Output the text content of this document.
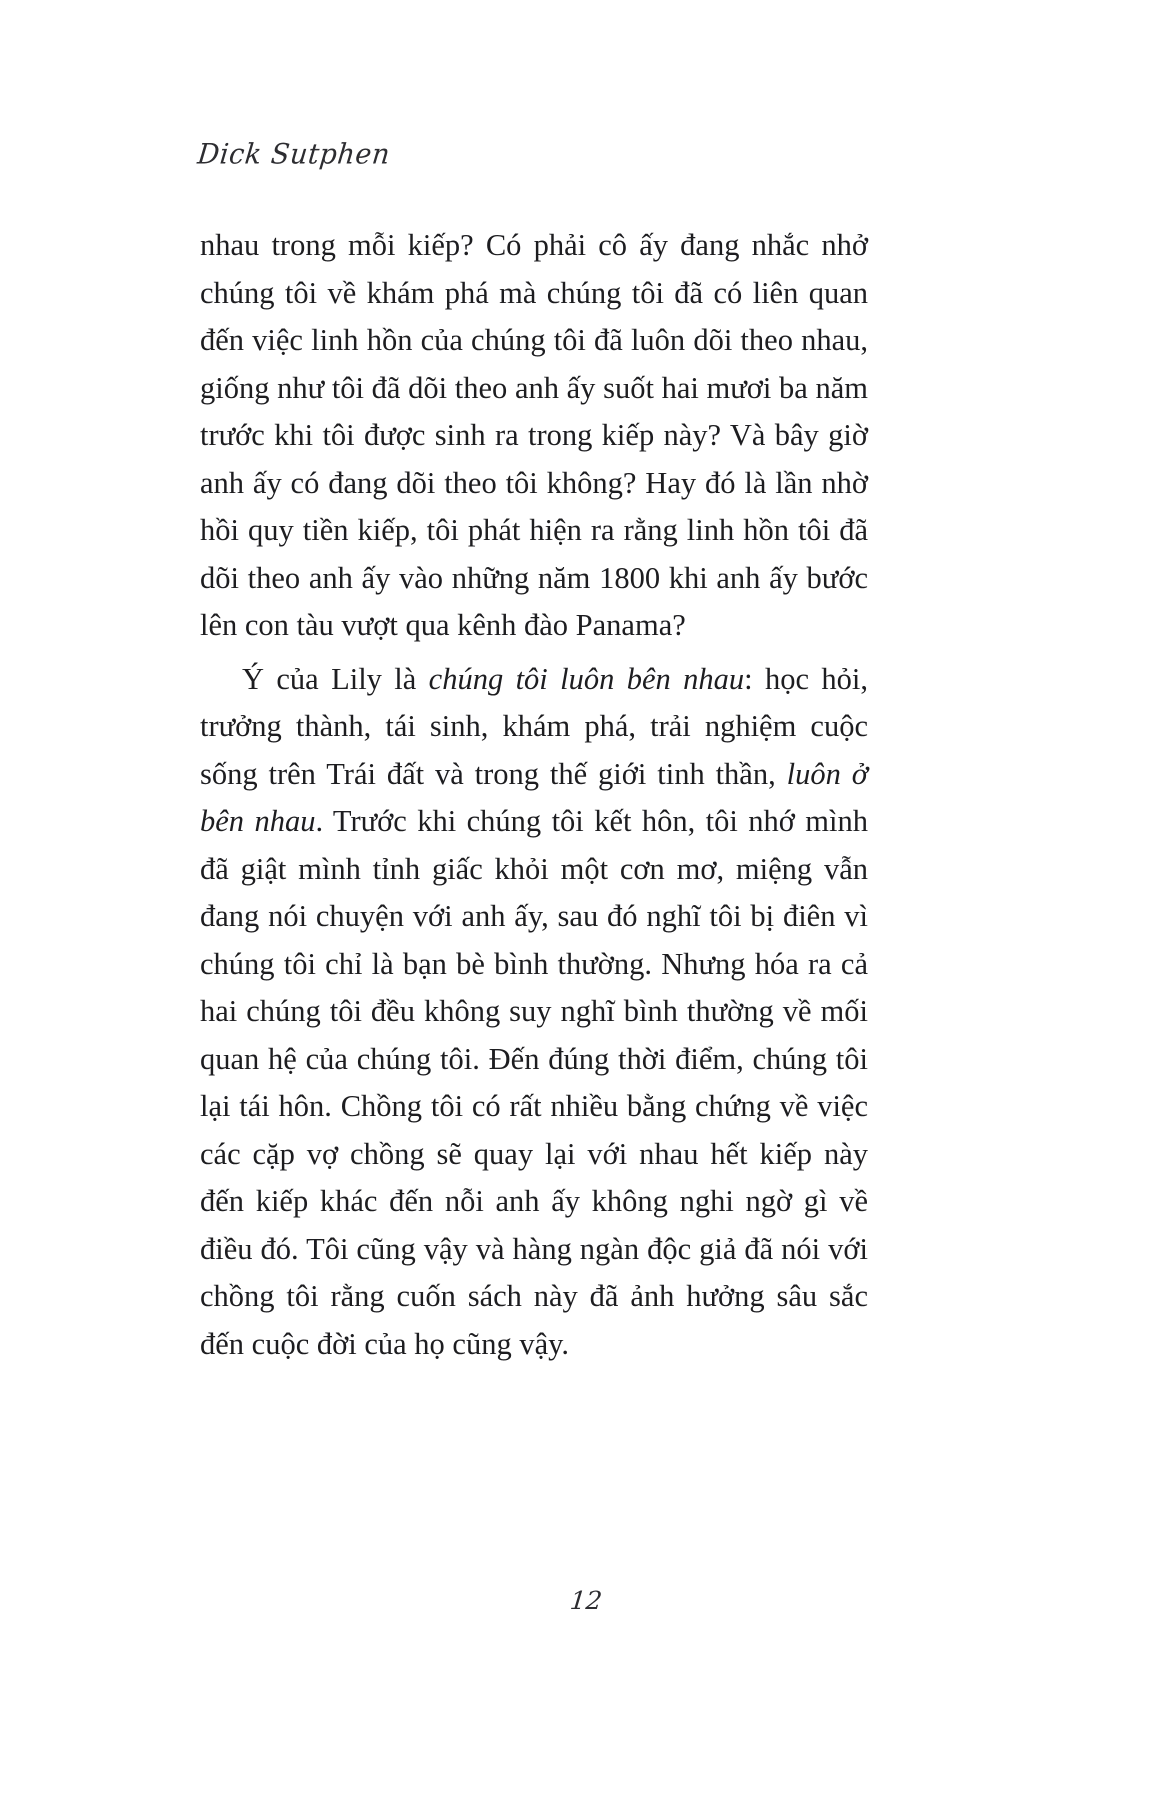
Dick Sutphen

nhau trong mỗi kiếp? Có phải cô ấy đang nhắc nhở chúng tôi về khám phá mà chúng tôi đã có liên quan đến việc linh hồn của chúng tôi đã luôn dõi theo nhau, giống như tôi đã dõi theo anh ấy suốt hai mươi ba năm trước khi tôi được sinh ra trong kiếp này? Và bây giờ anh ấy có đang dõi theo tôi không? Hay đó là lần nhờ hồi quy tiền kiếp, tôi phát hiện ra rằng linh hồn tôi đã dõi theo anh ấy vào những năm 1800 khi anh ấy bước lên con tàu vượt qua kênh đào Panama?

Ý của Lily là chúng tôi luôn bên nhau: học hỏi, trưởng thành, tái sinh, khám phá, trải nghiệm cuộc sống trên Trái đất và trong thế giới tinh thần, luôn ở bên nhau. Trước khi chúng tôi kết hôn, tôi nhớ mình đã giật mình tỉnh giấc khỏi một cơn mơ, miệng vẫn đang nói chuyện với anh ấy, sau đó nghĩ tôi bị điên vì chúng tôi chỉ là bạn bè bình thường. Nhưng hóa ra cả hai chúng tôi đều không suy nghĩ bình thường về mối quan hệ của chúng tôi. Đến đúng thời điểm, chúng tôi lại tái hôn. Chồng tôi có rất nhiều bằng chứng về việc các cặp vợ chồng sẽ quay lại với nhau hết kiếp này đến kiếp khác đến nỗi anh ấy không nghi ngờ gì về điều đó. Tôi cũng vậy và hàng ngàn độc giả đã nói với chồng tôi rằng cuốn sách này đã ảnh hưởng sâu sắc đến cuộc đời của họ cũng vậy.

12
